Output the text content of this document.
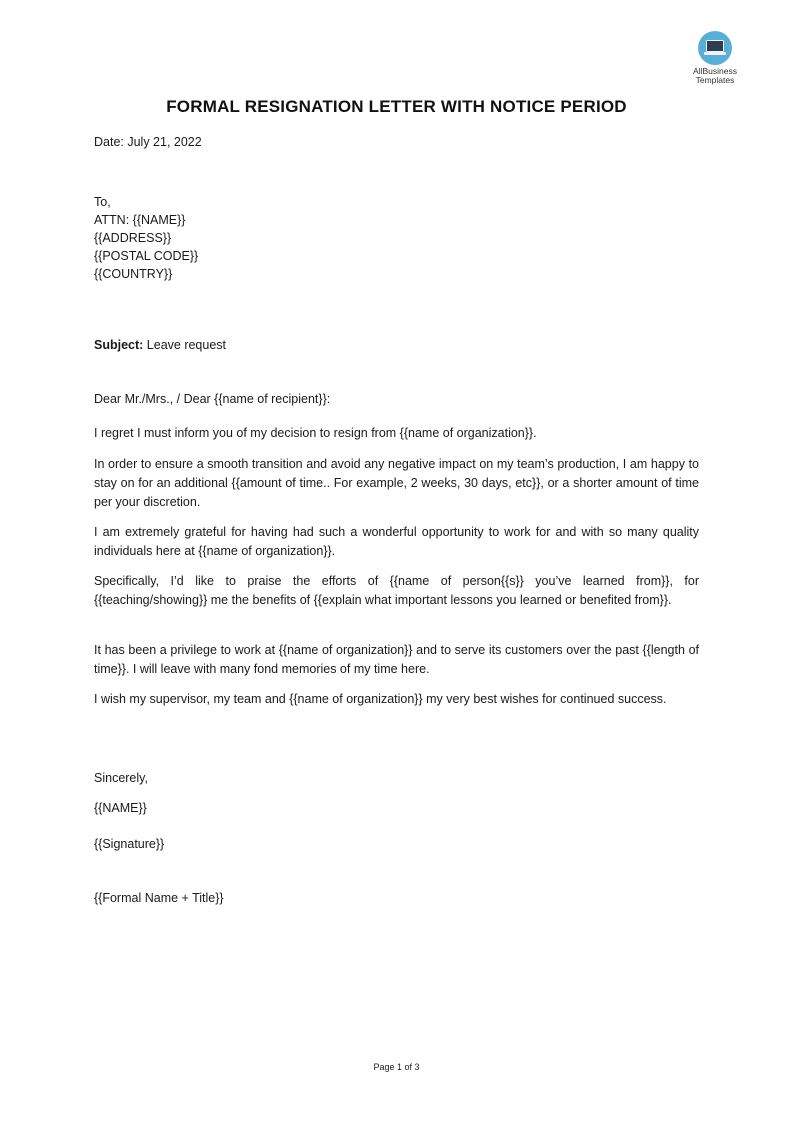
AllBusiness
Templates
FORMAL RESIGNATION LETTER WITH NOTICE PERIOD
Date: July 21, 2022
To,
ATTN: {{NAME}}
{{ADDRESS}}
{{POSTAL CODE}}
{{COUNTRY}}
Subject: Leave request
Dear Mr./Mrs., / Dear {{name of recipient}}:
I regret I must inform you of my decision to resign from {{name of organization}}.
In order to ensure a smooth transition and avoid any negative impact on my team’s production, I am happy to stay on for an additional {{amount of time.. For example, 2 weeks, 30 days, etc}}, or a shorter amount of time per your discretion.
I am extremely grateful for having had such a wonderful opportunity to work for and with so many quality individuals here at {{name of organization}}.
Specifically, I’d like to praise the efforts of {{name of person{{s}} you’ve learned from}}, for {{teaching/showing}} me the benefits of {{explain what important lessons you learned or benefited from}}.
It has been a privilege to work at {{name of organization}} and to serve its customers over the past {{length of time}}. I will leave with many fond memories of my time here.
I wish my supervisor, my team and {{name of organization}} my very best wishes for continued success.
Sincerely,
{{NAME}}
{{Signature}}
{{Formal Name + Title}}
Page 1 of 3
